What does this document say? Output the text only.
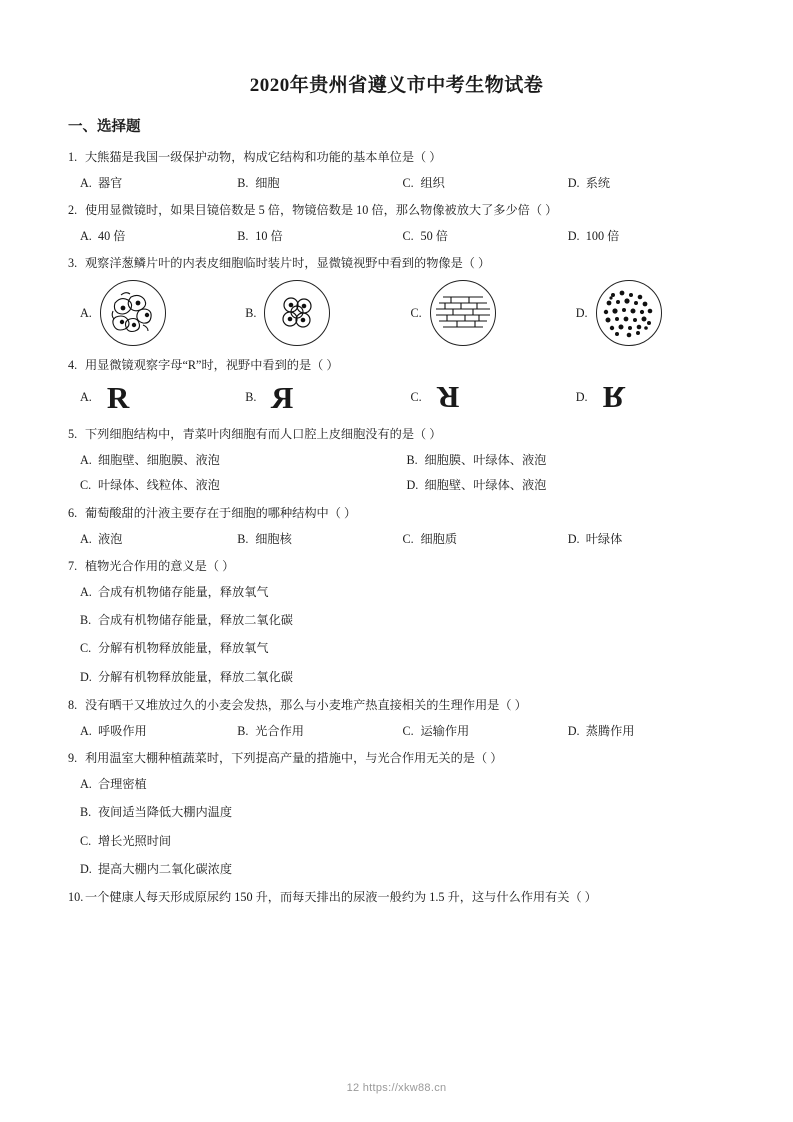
2020年贵州省遵义市中考生物试卷
一、选择题
1. 大熊猫是我国一级保护动物，构成它结构和功能的基本单位是（ ）
A. 器官	B. 细胞	C. 组织	D. 系统
2. 使用显微镜时，如果目镜倍数是 5 倍，物镜倍数是 10 倍，那么物像被放大了多少倍（ ）
A. 40 倍	B. 10 倍	C. 50 倍	D. 100 倍
3. 观察洋葱鳞片叶的内表皮细胞临时装片时，显微镜视野中看到的物像是（ ）
A.	B.	C.	D.
4. 用显微镜观察字母“R”时，视野中看到的是（ ）
A. R	B. R	C. R	D. R
5. 下列细胞结构中，青菜叶肉细胞有而人口腔上皮细胞没有的是（ ）
A. 细胞壁、细胞膜、液泡	B. 细胞膜、叶绿体、液泡
C. 叶绿体、线粒体、液泡	D. 细胞壁、叶绿体、液泡
6. 葡萄酸甜的汁液主要存在于细胞的哪种结构中（ ）
A. 液泡	B. 细胞核	C. 细胞质	D. 叶绿体
7. 植物光合作用的意义是（ ）
A. 合成有机物储存能量，释放氧气
B. 合成有机物储存能量，释放二氧化碳
C. 分解有机物释放能量，释放氧气
D. 分解有机物释放能量，释放二氧化碳
8. 没有晒干又堆放过久的小麦会发热，那么与小麦堆产热直接相关的生理作用是（ ）
A. 呼吸作用	B. 光合作用	C. 运输作用	D. 蒸腾作用
9. 利用温室大棚种植蔬菜时，下列提高产量的措施中，与光合作用无关的是（ ）
A. 合理密植
B. 夜间适当降低大棚内温度
C. 增长光照时间
D. 提高大棚内二氧化碳浓度
10. 一个健康人每天形成原尿约 150 升，而每天排出的尿液一般约为 1.5 升，这与什么作用有关（ ）
12 https://xkw88.cn
